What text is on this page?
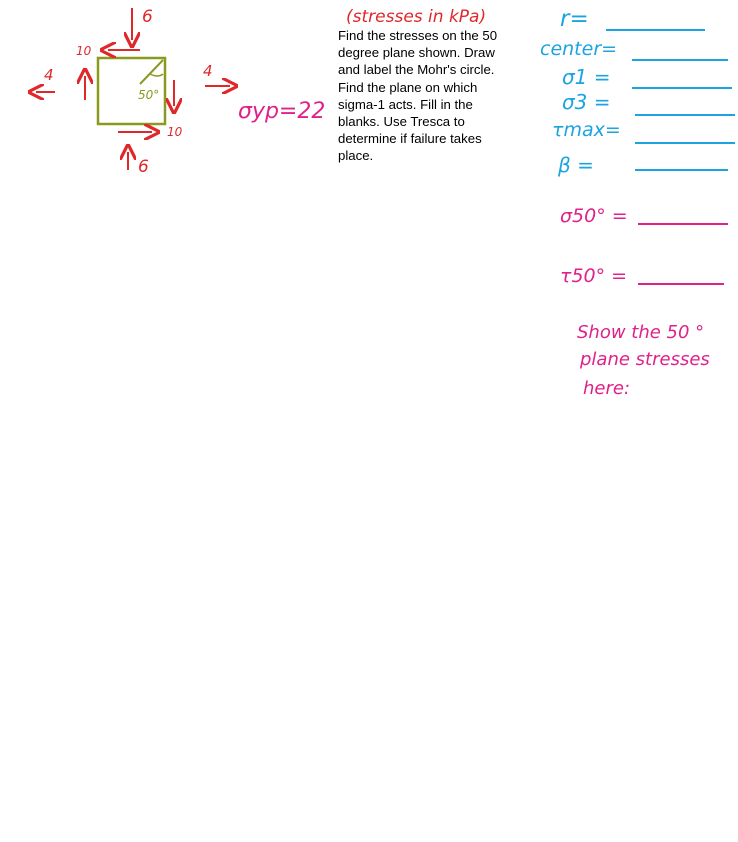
6
6
4	4
10
10
50°
σyp=22
(stresses in kPa)	r=
center=
σ1 =
σ3 =
τmax=
β =
σ50° =
τ50° =
Show the 50 ° plane stresses here:
Find the stresses on the 50 degree plane shown. Draw and label the Mohr's circle. Find the plane on which sigma-1 acts. Fill in the blanks. Use Tresca to determine if failure takes place.
